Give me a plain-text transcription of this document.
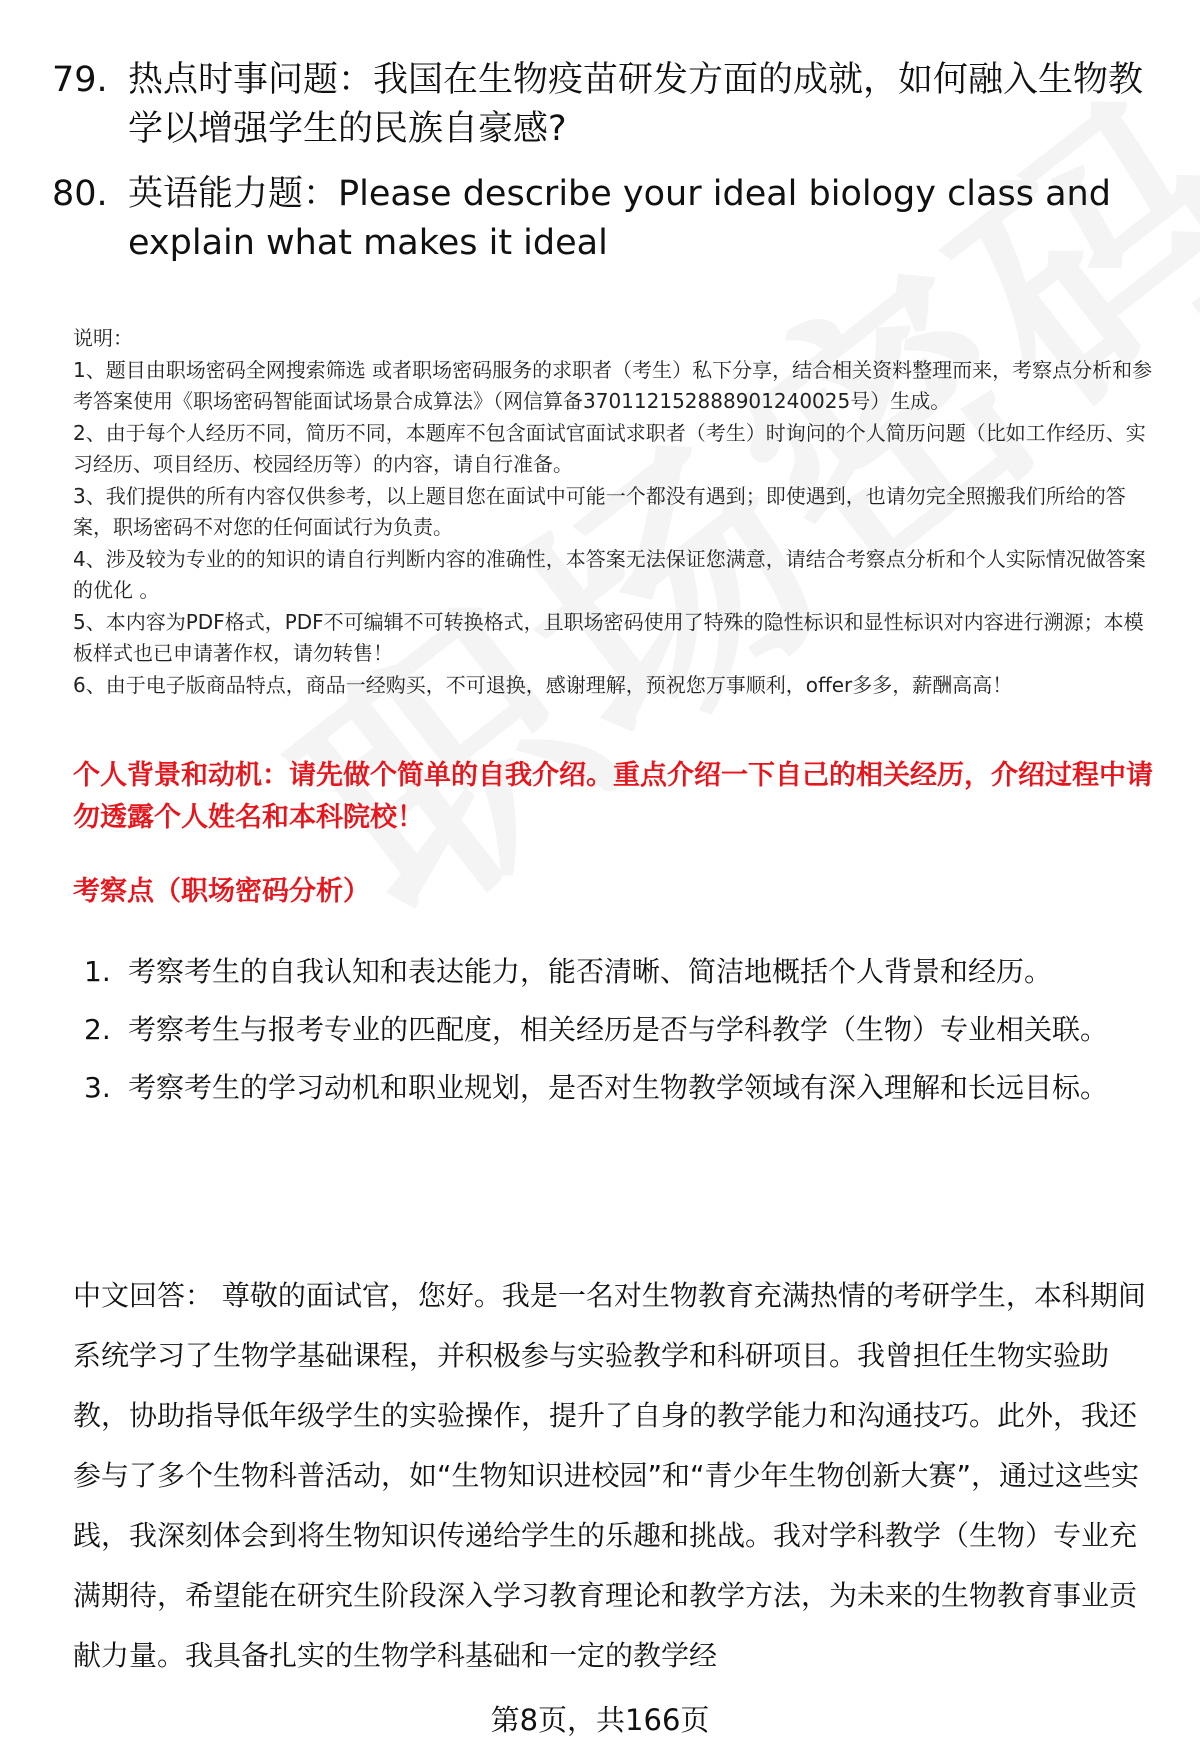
79. 热点时事问题：我国在生物疫苗研发方面的成就，如何融入生物教学以增强学生的民族自豪感?
80. 英语能力题：Please describe your ideal biology class and explain what makes it ideal

说明：

1、题目由职场密码全网搜索筛选 或者职场密码服务的求职者（考生）私下分享，结合相关资料整理而来，考察点分析和参考答案使用《职场密码智能面试场景合成算法》（网信算备370112152888901240025号）生成。

2、由于每个人经历不同，简历不同，本题库不包含面试官面试求职者（考生）时询问的个人简历问题（比如工作经历、实习经历、项目经历、校园经历等）的内容，请自行准备。

3、我们提供的所有内容仅供参考，以上题目您在面试中可能一个都没有遇到；即使遇到，也请勿完全照搬我们所给的答案，职场密码不对您的任何面试行为负责。

4、涉及较为专业的的知识的请自行判断内容的准确性，本答案无法保证您满意，请结合考察点分析和个人实际情况做答案的优化 。

5、本内容为PDF格式，PDF不可编辑不可转换格式，且职场密码使用了特殊的隐性标识和显性标识对内容进行溯源；本模板样式也已申请著作权，请勿转售！

6、由于电子版商品特点，商品一经购买，不可退换，感谢理解，预祝您万事顺利，offer多多，薪酬高高！

个人背景和动机：请先做个简单的自我介绍。重点介绍一下自己的相关经历，介绍过程中请勿透露个人姓名和本科院校！
考察点（职场密码分析）
1. 考察考生的自我认知和表达能力，能否清晰、简洁地概括个人背景和经历。
2. 考察考生与报考专业的匹配度，相关经历是否与学科教学（生物）专业相关联。
3. 考察考生的学习动机和职业规划，是否对生物教学领域有深入理解和长远目标。

中文回答： 尊敬的面试官，您好。我是一名对生物教育充满热情的考研学生，本科期间系统学习了生物学基础课程，并积极参与实验教学和科研项目。我曾担任生物实验助教，协助指导低年级学生的实验操作，提升了自身的教学能力和沟通技巧。此外，我还参与了多个生物科普活动，如“生物知识进校园”和“青少年生物创新大赛”，通过这些实践，我深刻体会到将生物知识传递给学生的乐趣和挑战。我对学科教学（生物）专业充满期待，希望能在研究生阶段深入学习教育理论和教学方法，为未来的生物教育事业贡献力量。我具备扎实的生物学科基础和一定的教学经

第8页，共166页
